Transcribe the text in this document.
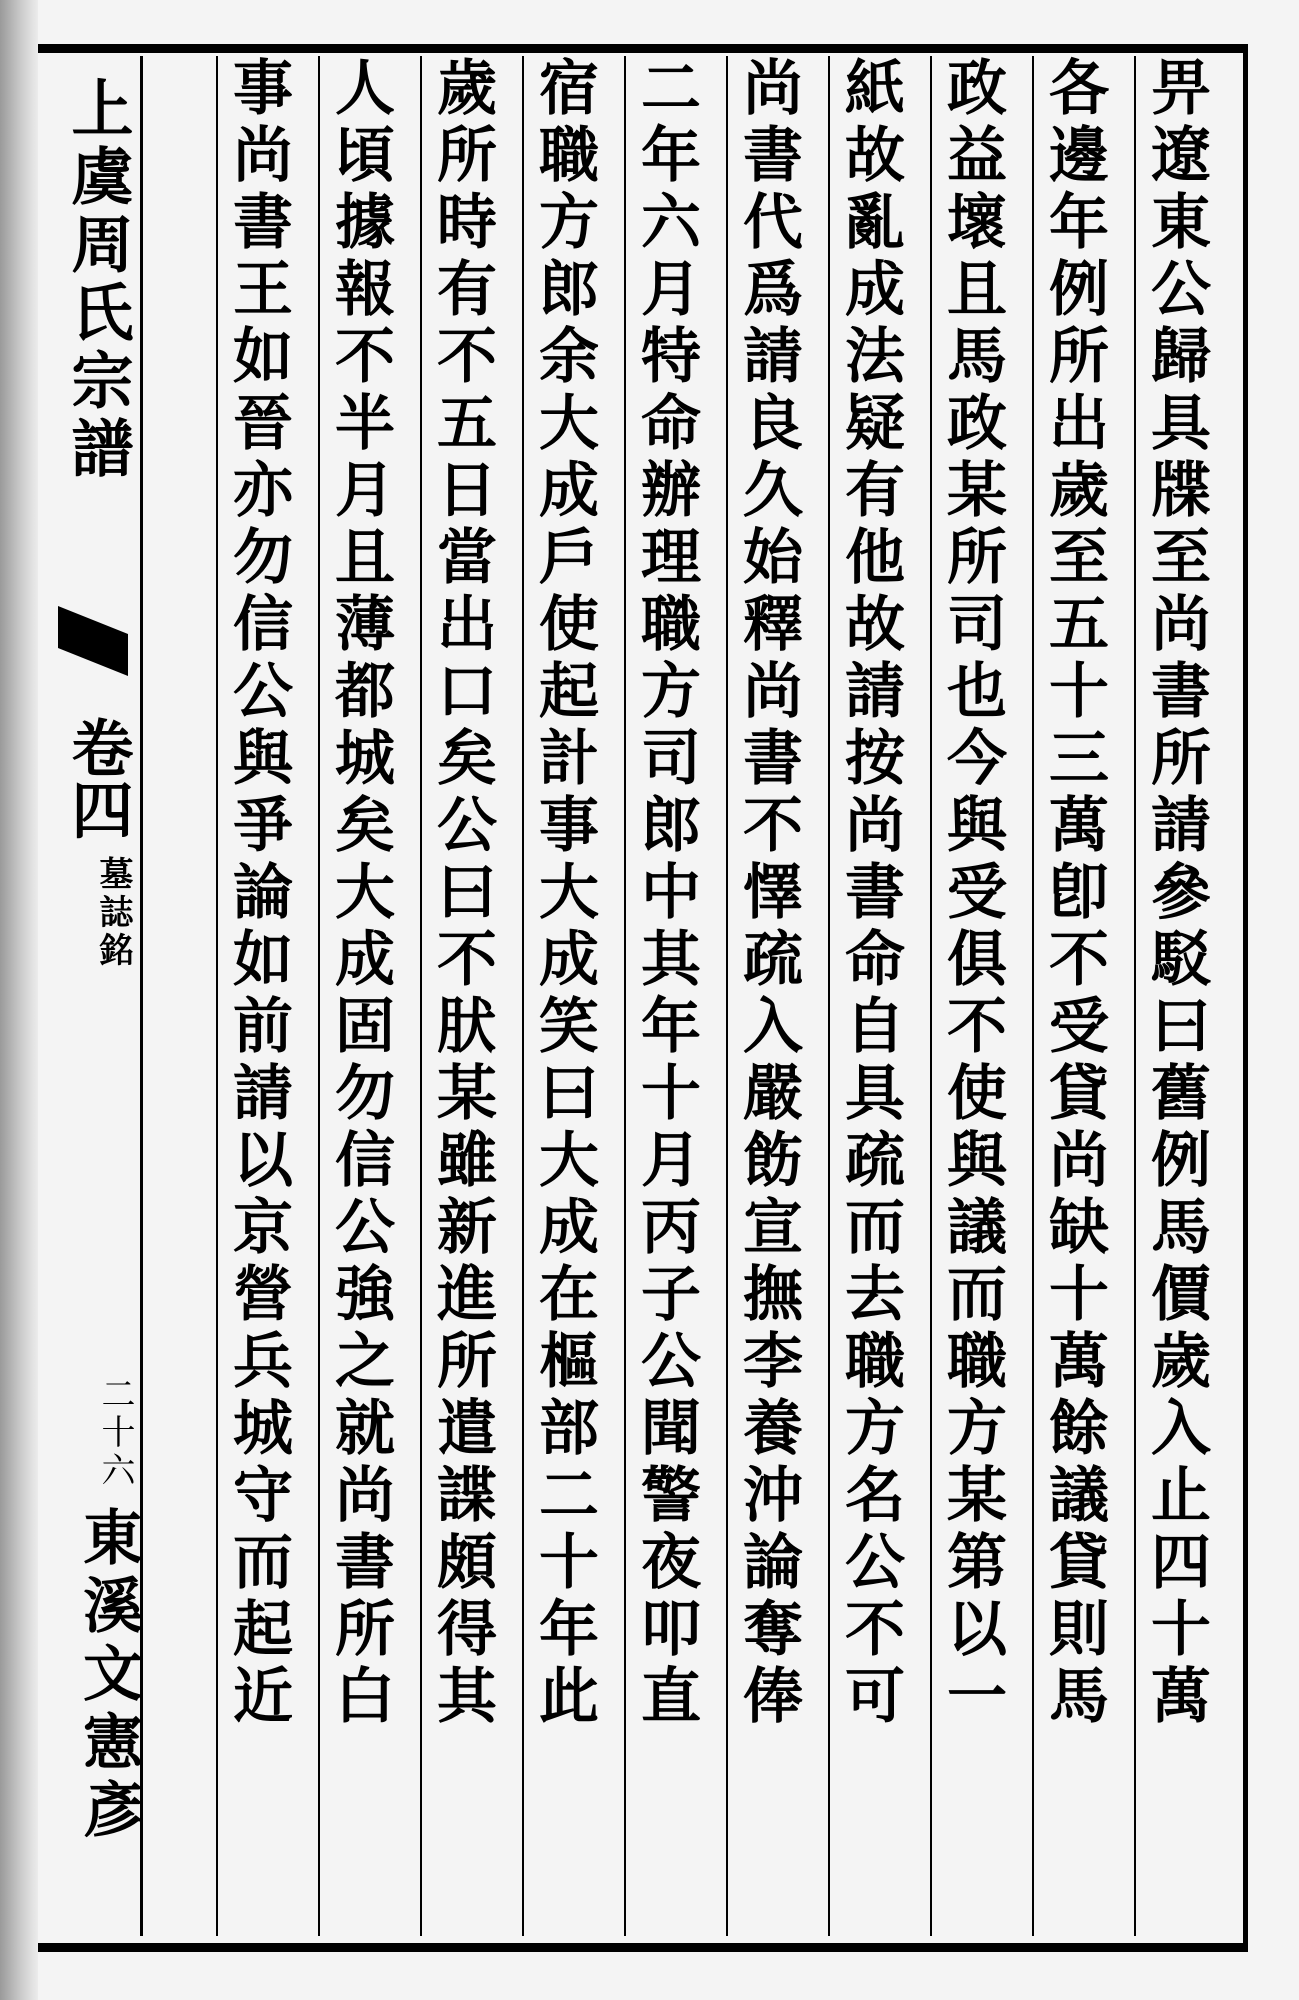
上虞周氏宗譜
卷四
墓誌銘
二十六
東溪文憲彥	畀遼東公歸具牒至尚書所請參駁曰舊例馬價歲入止四十萬
各邊年例所出歲至五十三萬卽不受貸尚缺十萬餘議貸則馬
政益壞且馬政某所司也今與受俱不使與議而職方某第以一
紙故亂成法疑有他故請按尚書命自具疏而去職方名公不可
尚書代爲請良久始釋尚書不懌疏入嚴飭宣撫李養沖論奪俸
二年六月特命辦理職方司郎中其年十月丙子公聞警夜叩直
宿職方郎余大成戶使起計事大成笑曰大成在樞部二十年此
歲所時有不五日當出口矣公曰不肰某雖新進所遣諜頗得其
人頃據報不半月且薄都城矣大成固勿信公強之就尚書所白
事尚書王如晉亦勿信公與爭論如前請以京營兵城守而起近
